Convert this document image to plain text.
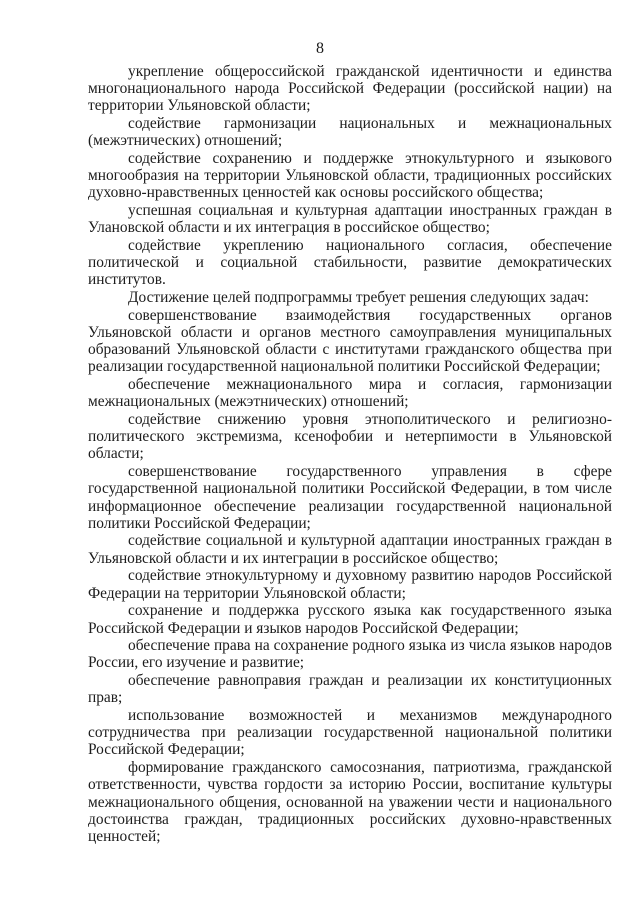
8

укрепление общероссийской гражданской идентичности и единства многонационального народа Российской Федерации (российской нации) на территории Ульяновской области;

содействие гармонизации национальных и межнациональных (межэтнических) отношений;

содействие сохранению и поддержке этнокультурного и языкового многообразия на территории Ульяновской области, традиционных российских духовно-нравственных ценностей как основы российского общества;

успешная социальная и культурная адаптации иностранных граждан в Улановской области и их интеграция в российское общество;

содействие укреплению национального согласия, обеспечение политической и социальной стабильности, развитие демократических институтов.

Достижение целей подпрограммы требует решения следующих задач:

совершенствование взаимодействия государственных органов Ульяновской области и органов местного самоуправления муниципальных образований Ульяновской области с институтами гражданского общества при реализации государственной национальной политики Российской Федерации;

обеспечение межнационального мира и согласия, гармонизации межнациональных (межэтнических) отношений;

содействие снижению уровня этнополитического и религиозно-политического экстремизма, ксенофобии и нетерпимости в Ульяновской области;

совершенствование государственного управления в сфере государственной национальной политики Российской Федерации, в том числе информационное обеспечение реализации государственной национальной политики Российской Федерации;

содействие социальной и культурной адаптации иностранных граждан в Ульяновской области и их интеграции в российское общество;

содействие этнокультурному и духовному развитию народов Российской Федерации на территории Ульяновской области;

сохранение и поддержка русского языка как государственного языка Российской Федерации и языков народов Российской Федерации;

обеспечение права на сохранение родного языка из числа языков народов России, его изучение и развитие;

обеспечение равноправия граждан и реализации их конституционных прав;

использование возможностей и механизмов международного сотрудничества при реализации государственной национальной политики Российской Федерации;

формирование гражданского самосознания, патриотизма, гражданской ответственности, чувства гордости за историю России, воспитание культуры межнационального общения, основанной на уважении чести и национального достоинства граждан, традиционных российских духовно-нравственных ценностей;
